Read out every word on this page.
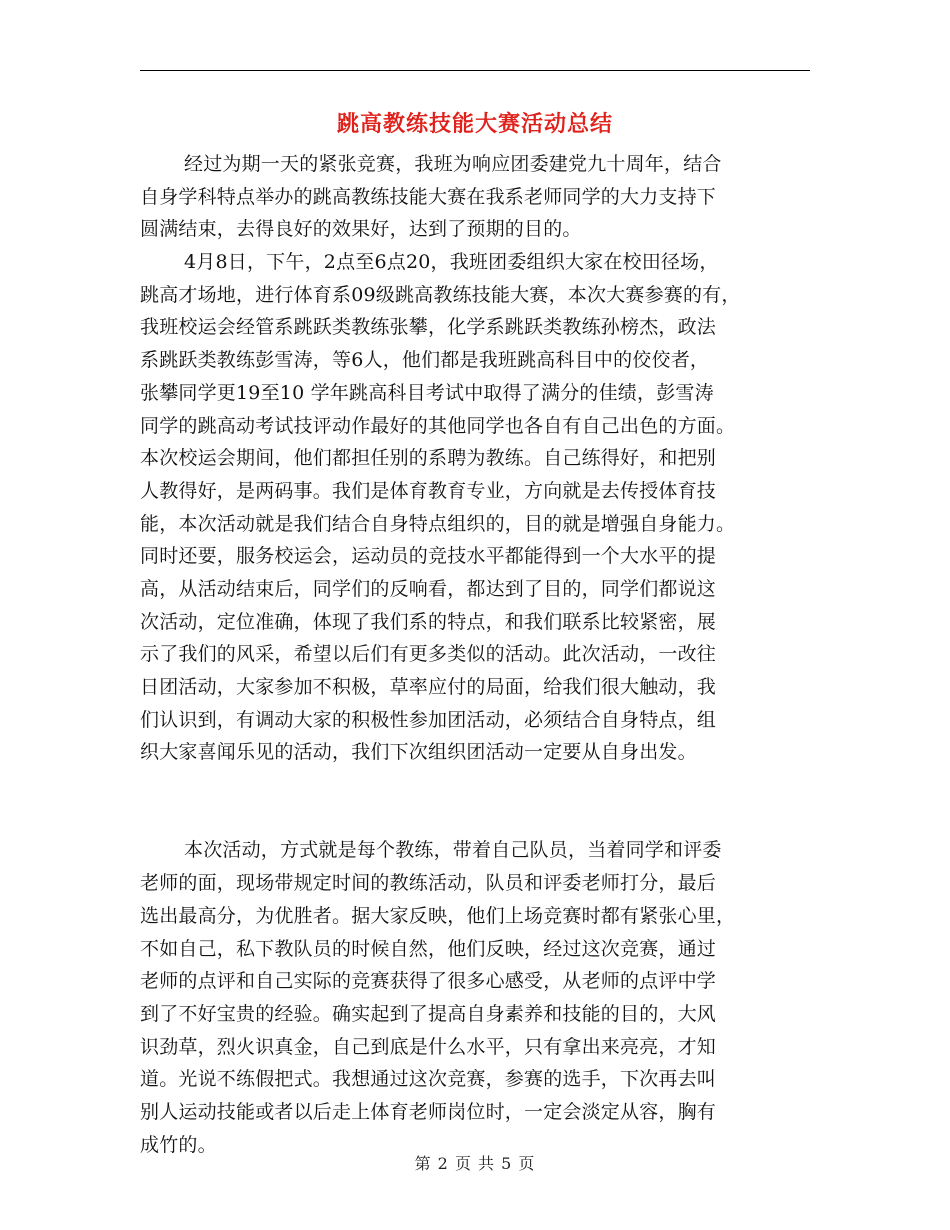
跳高教练技能大赛活动总结
经过为期一天的紧张竞赛，我班为响应团委建党九十周年，结合
自身学科特点举办的跳高教练技能大赛在我系老师同学的大力支持下
圆满结束，去得良好的效果好，达到了预期的目的。
4月8日，下午，2点至6点20，我班团委组织大家在校田径场，
跳高才场地，进行体育系09级跳高教练技能大赛，本次大赛参赛的有，
我班校运会经管系跳跃类教练张攀，化学系跳跃类教练孙榜杰，政法
系跳跃类教练彭雪涛，等6人，他们都是我班跳高科目中的佼佼者，
张攀同学更19至10 学年跳高科目考试中取得了满分的佳绩，彭雪涛
同学的跳高动考试技评动作最好的其他同学也各自有自己出色的方面。
本次校运会期间，他们都担任别的系聘为教练。自己练得好，和把别
人教得好，是两码事。我们是体育教育专业，方向就是去传授体育技
能，本次活动就是我们结合自身特点组织的，目的就是增强自身能力。
同时还要，服务校运会，运动员的竞技水平都能得到一个大水平的提
高，从活动结束后，同学们的反响看，都达到了目的，同学们都说这
次活动，定位准确，体现了我们系的特点，和我们联系比较紧密，展
示了我们的风采，希望以后们有更多类似的活动。此次活动，一改往
日团活动，大家参加不积极，草率应付的局面，给我们很大触动，我
们认识到，有调动大家的积极性参加团活动，必须结合自身特点，组
织大家喜闻乐见的活动，我们下次组织团活动一定要从自身出发。
本次活动，方式就是每个教练，带着自己队员，当着同学和评委
老师的面，现场带规定时间的教练活动，队员和评委老师打分，最后
选出最高分，为优胜者。据大家反映，他们上场竞赛时都有紧张心里，
不如自己，私下教队员的时候自然，他们反映，经过这次竞赛，通过
老师的点评和自己实际的竞赛获得了很多心感受，从老师的点评中学
到了不好宝贵的经验。确实起到了提高自身素养和技能的目的，大风
识劲草，烈火识真金，自己到底是什么水平，只有拿出来亮亮，才知
道。光说不练假把式。我想通过这次竞赛，参赛的选手，下次再去叫
别人运动技能或者以后走上体育老师岗位时，一定会淡定从容，胸有
成竹的。
第 2 页 共 5 页
